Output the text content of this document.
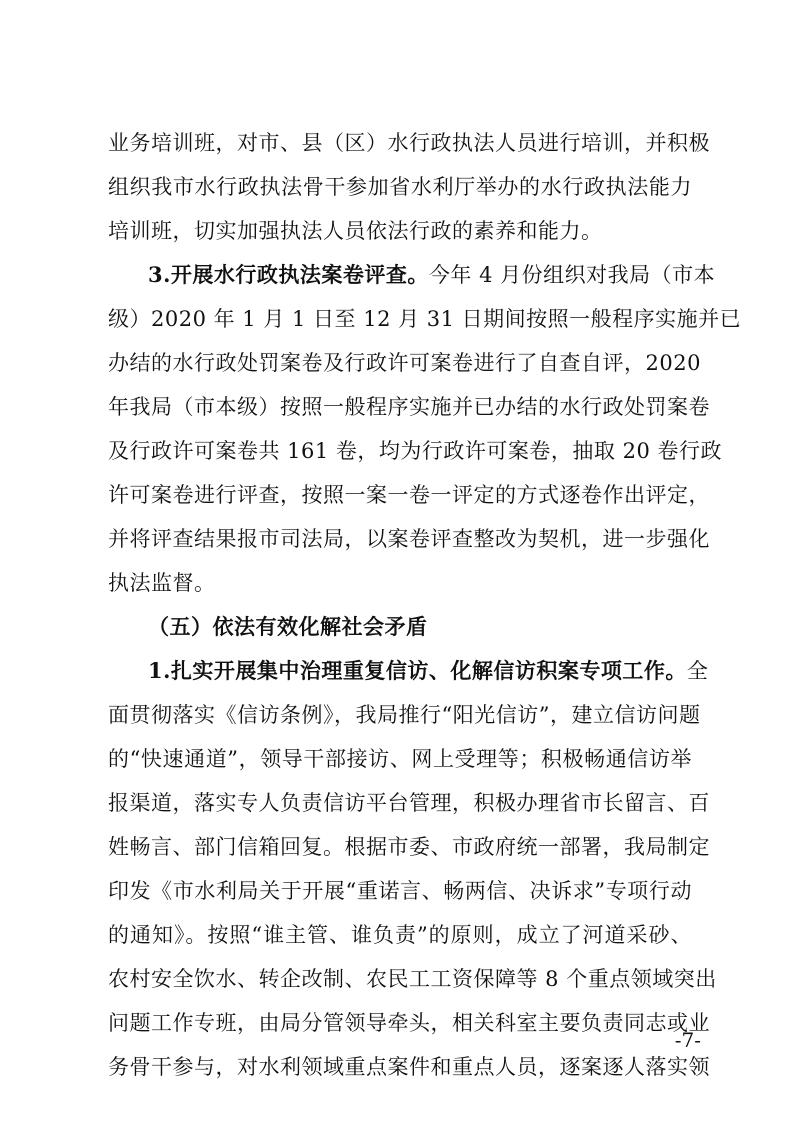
业务培训班，对市、县（区）水行政执法人员进行培训，并积极
组织我市水行政执法骨干参加省水利厅举办的水行政执法能力
培训班，切实加强执法人员依法行政的素养和能力。
3.开展水行政执法案卷评查。今年 4 月份组织对我局（市本
级）2020 年 1 月 1 日至 12 月 31 日期间按照一般程序实施并已
办结的水行政处罚案卷及行政许可案卷进行了自查自评，2020
年我局（市本级）按照一般程序实施并已办结的水行政处罚案卷
及行政许可案卷共 161 卷，均为行政许可案卷，抽取 20 卷行政
许可案卷进行评查，按照一案一卷一评定的方式逐卷作出评定，
并将评查结果报市司法局，以案卷评查整改为契机，进一步强化
执法监督。
（五）依法有效化解社会矛盾
1.扎实开展集中治理重复信访、化解信访积案专项工作。全
面贯彻落实《信访条例》，我局推行“阳光信访”，建立信访问题
的“快速通道”，领导干部接访、网上受理等；积极畅通信访举
报渠道，落实专人负责信访平台管理，积极办理省市长留言、百
姓畅言、部门信箱回复。根据市委、市政府统一部署，我局制定
印发《市水利局关于开展“重诺言、畅两信、决诉求”专项行动
的通知》。按照“谁主管、谁负责”的原则，成立了河道采砂、
农村安全饮水、转企改制、农民工工资保障等 8 个重点领域突出
问题工作专班，由局分管领导牵头，相关科室主要负责同志或业
务骨干参与，对水利领域重点案件和重点人员，逐案逐人落实领
-7-
